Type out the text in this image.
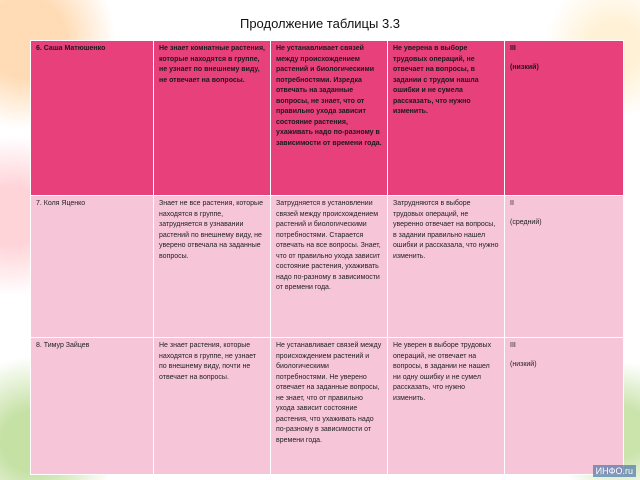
Продолжение таблицы 3.3
6. Саша Матюшенко	Не знает комнатные растения, которые находятся в группе, не узнает по внешнему виду, не отвечает на вопросы.	Не устанавливает связей между происхождением растений и биологическими потребностями. Изредка отвечать на заданные вопросы, не знает, что от правильно ухода зависит состояние растения, ухаживать надо по-разному в зависимости от времени года.	Не уверена в выборе трудовых операций, не отвечает на вопросы, в задании с трудом нашла ошибки и не сумела рассказать, что нужно изменить.	III
(низкий)

7. Коля Яценко	Знает не все растения, которые находятся в группе, затрудняется в узнавании растений по внешнему виду, не уверено отвечала на заданные вопросы.	Затрудняется в установлении связей между происхождением растений и биологическими потребностями. Старается отвечать на все вопросы. Знает, что от правильно ухода зависит состояние растения, ухаживать надо по-разному в зависимости от времени года.	Затрудняются в выборе трудовых операций, не уверенно отвечает на вопросы, в задании правильно нашел ошибки и рассказала, что нужно изменить.	II
(средний)

8. Тимур Зайцев	Не знает растения, которые находятся в группе, не узнает по внешнему виду, почти не отвечает на вопросы.	Не устанавливает связей между происхождением растений и биологическими потребностями. Не уверено отвечает на заданные вопросы, не знает, что от правильно ухода зависит состояние растения, что ухаживать надо по-разному в зависимости от времени года.	Не уверен в выборе трудовых операций, не отвечает на вопросы, в задании не нашел ни одну ошибку и не сумел рассказать, что нужно изменить.	III
(низкий)
ИНФО.ru
